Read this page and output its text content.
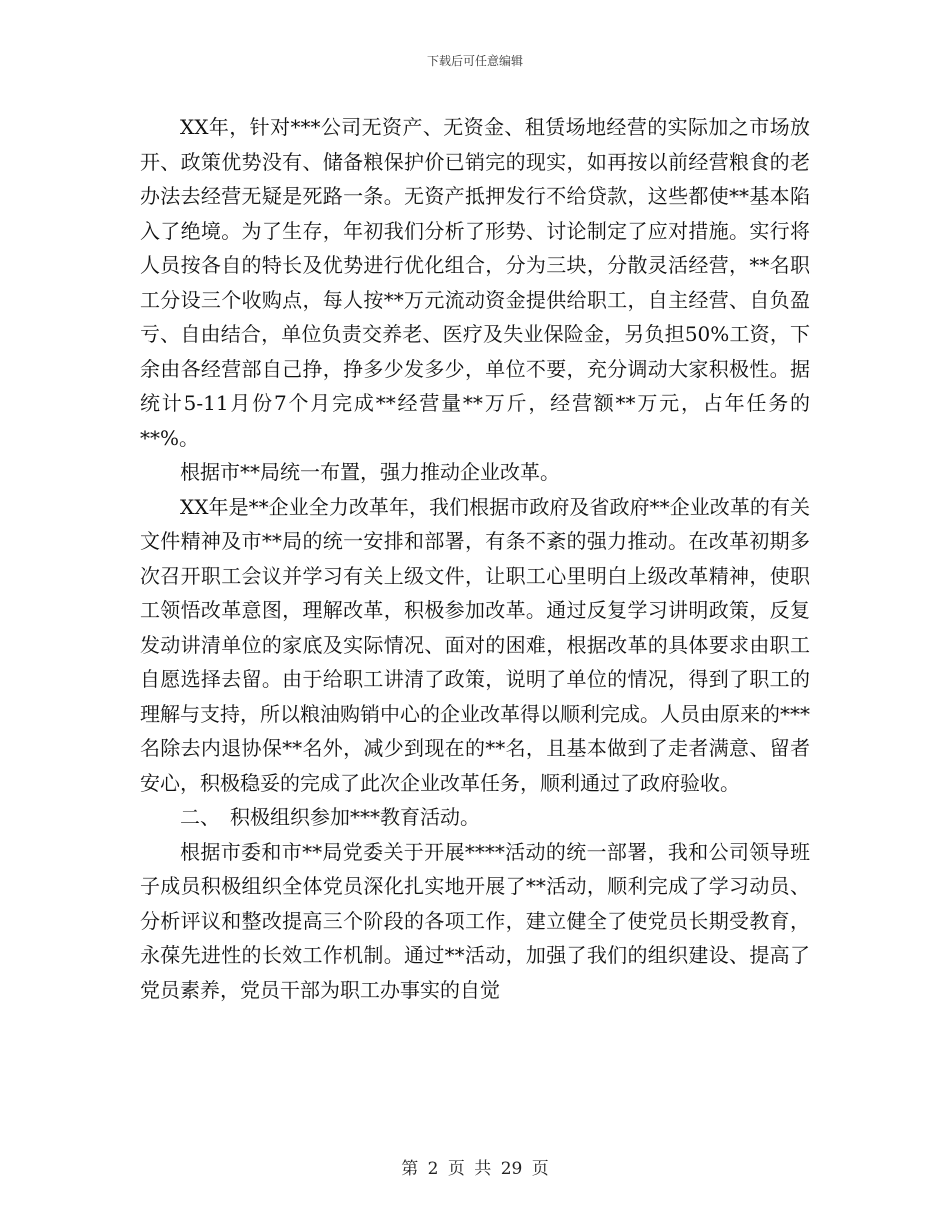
下载后可任意编辑

XX年，针对***公司无资产、无资金、租赁场地经营的实际加之市场放开、政策优势没有、储备粮保护价已销完的现实，如再按以前经营粮食的老办法去经营无疑是死路一条。无资产抵押发行不给贷款，这些都使**基本陷入了绝境。为了生存，年初我们分析了形势、讨论制定了应对措施。实行将人员按各自的特长及优势进行优化组合，分为三块，分散灵活经营，**名职工分设三个收购点，每人按**万元流动资金提供给职工，自主经营、自负盈亏、自由结合，单位负责交养老、医疗及失业保险金，另负担50%工资，下余由各经营部自己挣，挣多少发多少，单位不要，充分调动大家积极性。据统计5-11月份7个月完成**经营量**万斤，经营额**万元，占年任务的**%。

根据市**局统一布置，强力推动企业改革。

XX年是**企业全力改革年，我们根据市政府及省政府**企业改革的有关文件精神及市**局的统一安排和部署，有条不紊的强力推动。在改革初期多次召开职工会议并学习有关上级文件，让职工心里明白上级改革精神，使职工领悟改革意图，理解改革，积极参加改革。通过反复学习讲明政策，反复发动讲清单位的家底及实际情况、面对的困难，根据改革的具体要求由职工自愿选择去留。由于给职工讲清了政策，说明了单位的情况，得到了职工的理解与支持，所以粮油购销中心的企业改革得以顺利完成。人员由原来的***名除去内退协保**名外，减少到现在的**名，且基本做到了走者满意、留者安心，积极稳妥的完成了此次企业改革任务，顺利通过了政府验收。

二、　积极组织参加***教育活动。

根据市委和市**局党委关于开展****活动的统一部署，我和公司领导班子成员积极组织全体党员深化扎实地开展了**活动，顺利完成了学习动员、分析评议和整改提高三个阶段的各项工作，建立健全了使党员长期受教育，永葆先进性的长效工作机制。通过**活动，加强了我们的组织建设、提高了党员素养，党员干部为职工办事实的自觉

第 2 页 共 29 页
